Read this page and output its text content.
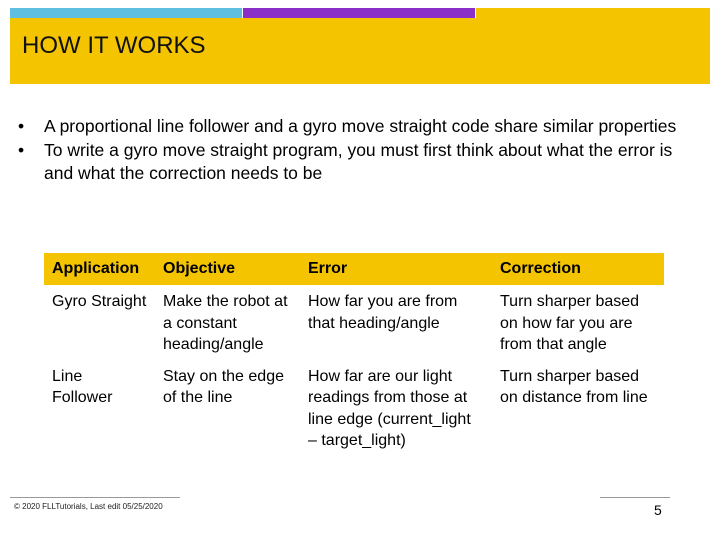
HOW IT WORKS
• A proportional line follower and a gyro move straight code share similar properties
• To write a gyro move straight program, you must first think about what the error is and what the correction needs to be
Application	Objective	Error	Correction
Gyro Straight	Make the robot at a constant heading/angle	How far you are from that heading/angle	Turn sharper based on how far you are from that angle
Line Follower	Stay on the edge of the line	How far are our light readings from those at line edge (current_light – target_light)	Turn sharper based on distance from line
© 2020 FLLTutorials, Last edit 05/25/2020	5
